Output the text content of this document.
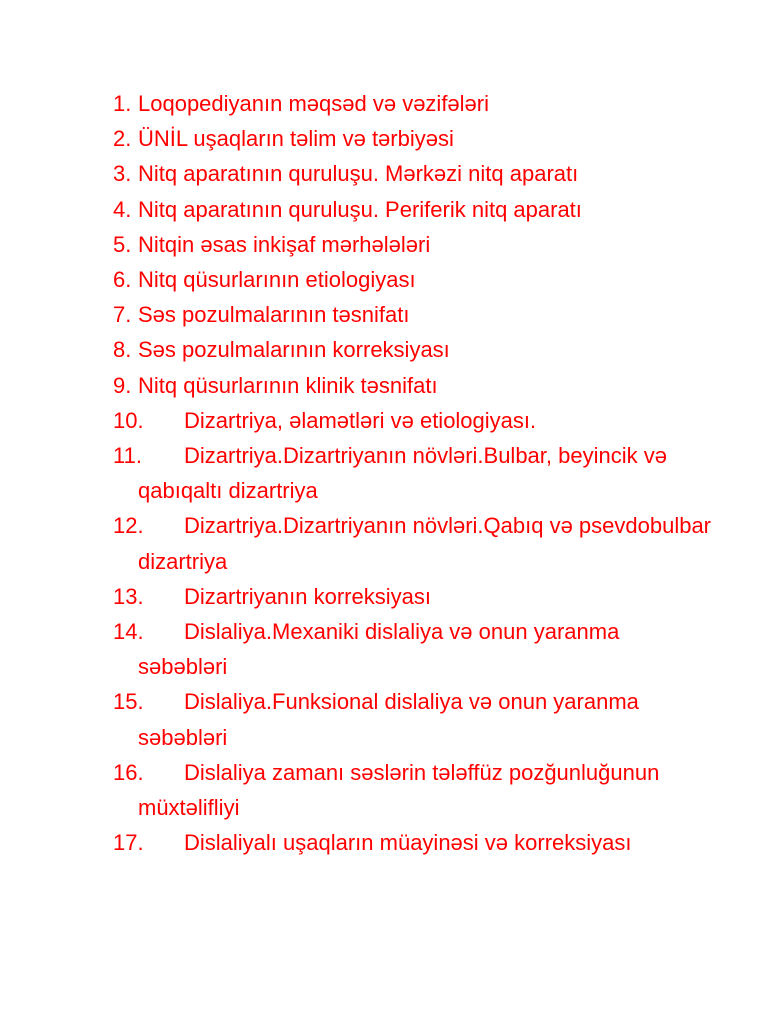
1. Loqopediyanın məqsəd və vəzifələri
2. ÜNİL uşaqların təlim və tərbiyəsi
3. Nitq aparatının quruluşu. Mərkəzi nitq aparatı
4. Nitq aparatının quruluşu. Periferik nitq aparatı
5. Nitqin əsas inkişaf mərhələləri
6. Nitq qüsurlarının etiologiyası
7. Səs pozulmalarının təsnifatı
8. Səs pozulmalarının korreksiyası
9. Nitq qüsurlarının klinik təsnifatı
10.	Dizartriya, əlamətləri və etiologiyası.
11.	Dizartriya.Dizartriyanın növləri.Bulbar, beyincik və qabıqaltı dizartriya
12.	Dizartriya.Dizartriyanın növləri.Qabıq və psevdobulbar dizartriya
13.	Dizartriyanın korreksiyası
14.	Dislaliya.Mexaniki dislaliya və onun yaranma səbəbləri
15.	Dislaliya.Funksional dislaliya və onun yaranma səbəbləri
16.	Dislaliya zamanı səslərin tələffüz pozğunluğunun müxtəlifliyi
17.	Dislaliyalı uşaqların müayinəsi və korreksiyası
